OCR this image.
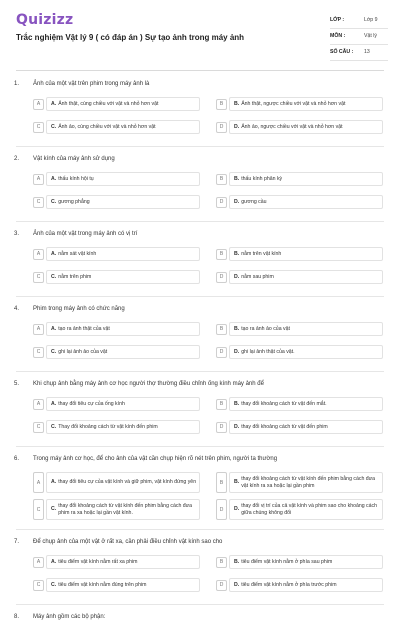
Quizizz
Trắc nghiệm Vật lý 9 ( có đáp án ) Sự tạo ảnh trong máy ảnh
LỚP :	Lớp 9
MÔN :	Vật lý
SỐ CÂU :	13
1. Ảnh của một vật trên phim trong máy ảnh là
A	A . Ảnh thật, cùng chiều với vật và nhỏ hơn vật	B	B . Ảnh thật, ngược chiều với vật và nhỏ hơn vật
C	C . Ảnh ảo, cùng chiều với vật và nhỏ hơn vật	D	D . Ảnh ảo, ngược chiều với vật và nhỏ hơn vật
2. Vật kính của máy ảnh sử dụng
A	A . thấu kính hội tụ	B	B . thấu kính phân kỳ
C	C . gương phẳng	D	D . gương cầu
3. Ảnh của một vật trong máy ảnh có vị trí
A	A . nằm sát vật kính	B	B . nằm trên vật kính
C	C . nằm trên phim	D	D . nằm sau phim
4. Phim trong máy ảnh có chức năng
A	A . tạo ra ảnh thật của vật	B	B . tạo ra ảnh ảo của vật
C	C . ghi lại ảnh ảo của vật	D	D . ghi lại ảnh thật của vật.
5. Khi chụp ảnh bằng máy ảnh cơ học người thợ thường điều chỉnh ống kính máy ảnh để
A	A . thay đổi tiêu cự của ống kính	B	B . thay đổi khoảng cách từ vật đến mắt.
C	C . Thay đổi khoảng cách từ vật kính đến phim	D	D . thay đổi khoảng cách từ vật đến phim
6. Trong máy ảnh cơ học, để cho ảnh của vật cần chụp hiện rõ nét trên phim, người ta thường
A	A . thay đổi tiêu cự của vật kính và giữ phim, vật kính đứng yên	B	B .
thay đổi khoảng cách từ vật kính đến phim bằng cách đưa vật kính ra xa hoặc lại gần phim
C	C .
thay đổi khoảng cách từ vật kính đến phim bằng cách đưa phim ra xa hoặc lại gần vật kính.	D	D .
thay đổi vị trí của cả vật kính và phim sao cho khoảng cách giữa chúng không đổi
7. Để chụp ảnh của một vật ở rất xa, cần phải điều chỉnh vật kính sao cho
A	A . tiêu điểm vật kính nằm rất xa phim	B	B . tiêu điểm vật kính nằm ở phía sau phim
C	C . tiêu điểm vật kính nằm đúng trên phim	D	D . tiêu điểm vật kính nằm ở phía trước phim
8. Máy ảnh gồm các bộ phận:
